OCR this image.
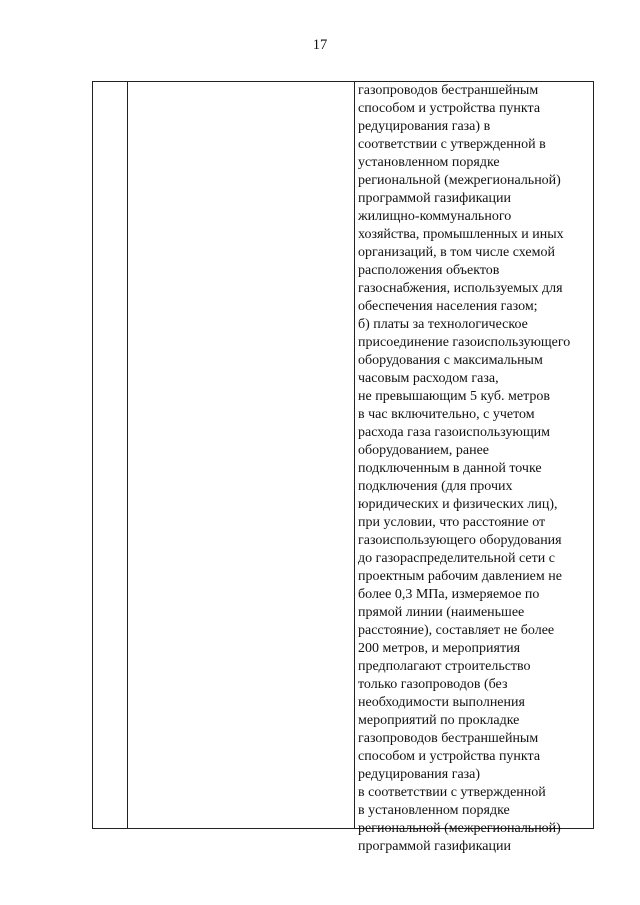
17
газопроводов бестраншейным
способом и устройства пункта
редуцирования газа) в
соответствии с утвержденной в
установленном порядке
региональной (межрегиональной)
программой газификации
жилищно-коммунального
хозяйства, промышленных и иных
организаций, в том числе схемой
расположения объектов
газоснабжения, используемых для
обеспечения населения газом;
б) платы за технологическое
присоединение газоиспользующего
оборудования с максимальным
часовым расходом газа,
не превышающим 5 куб. метров
в час включительно, с учетом
расхода газа газоиспользующим
оборудованием, ранее
подключенным в данной точке
подключения (для прочих
юридических и физических лиц),
при условии, что расстояние от
газоиспользующего оборудования
до газораспределительной сети с
проектным рабочим давлением не
более 0,3 МПа, измеряемое по
прямой линии (наименьшее
расстояние), составляет не более
200 метров, и мероприятия
предполагают строительство
только газопроводов (без
необходимости выполнения
мероприятий по прокладке
газопроводов бестраншейным
способом и устройства пункта
редуцирования газа)
в соответствии с утвержденной
в установленном порядке
региональной (межрегиональной)
программой газификации
